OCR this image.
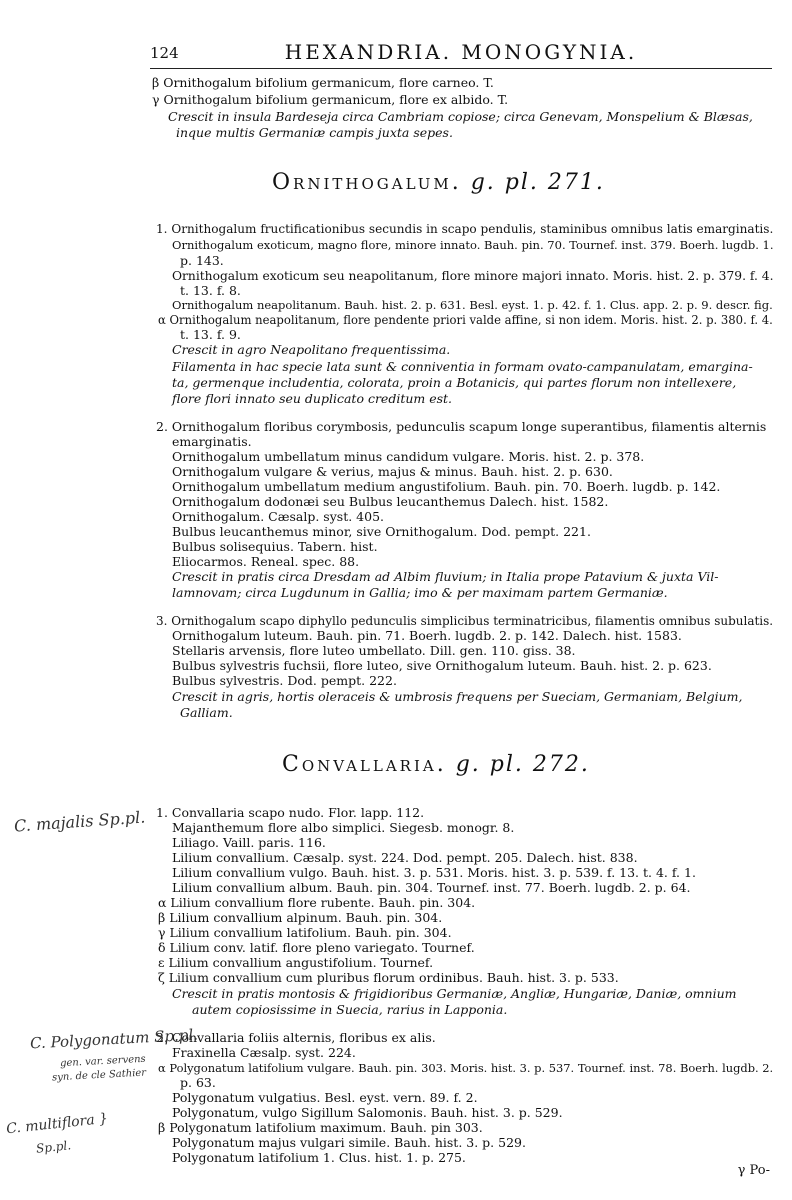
124	HEXANDRIA. MONOGYNIA.
β Ornithogalum bifolium germanicum, flore carneo. T.
γ Ornithogalum bifolium germanicum, flore ex albido. T.
Crescit in insula Bardeseja circa Cambriam copiose; circa Genevam, Monspelium & Blæsas,
inque multis Germaniæ campis juxta sepes.
Ornithogalum. g. pl. 271.
1. Ornithogalum fructificationibus secundis in scapo pendulis, staminibus omnibus latis emarginatis.
Ornithogalum exoticum, magno flore, minore innato. Bauh. pin. 70. Tournef. inst. 379. Boerh. lugdb. 1.
p. 143.
Ornithogalum exoticum seu neapolitanum, flore minore majori innato. Moris. hist. 2. p. 379. f. 4.
t. 13. f. 8.
Ornithogalum neapolitanum. Bauh. hist. 2. p. 631. Besl. eyst. 1. p. 42. f. 1. Clus. app. 2. p. 9. descr. fig.
α Ornithogalum neapolitanum, flore pendente priori valde affine, si non idem. Moris. hist. 2. p. 380. f. 4.
t. 13. f. 9.
Crescit in agro Neapolitano frequentissima.
Filamenta in hac specie lata sunt & conniventia in formam ovato-campanulatam, emargina-
ta, germenque includentia, colorata, proin a Botanicis, qui partes florum non intellexere,
flore flori innato seu duplicato creditum est.
2. Ornithogalum floribus corymbosis, pedunculis scapum longe superantibus, filamentis alternis
emarginatis.
Ornithogalum umbellatum minus candidum vulgare. Moris. hist. 2. p. 378.
Ornithogalum vulgare & verius, majus & minus. Bauh. hist. 2. p. 630.
Ornithogalum umbellatum medium angustifolium. Bauh. pin. 70. Boerh. lugdb. p. 142.
Ornithogalum dodonæi seu Bulbus leucanthemus Dalech. hist. 1582.
Ornithogalum. Cæsalp. syst. 405.
Bulbus leucanthemus minor, sive Ornithogalum. Dod. pempt. 221.
Bulbus solisequius. Tabern. hist.
Eliocarmos. Reneal. spec. 88.
Crescit in pratis circa Dresdam ad Albim fluvium; in Italia prope Patavium & juxta Vil-
lamnovam; circa Lugdunum in Gallia; imo & per maximam partem Germaniæ.
3. Ornithogalum scapo diphyllo pedunculis simplicibus terminatricibus, filamentis omnibus subulatis.
Ornithogalum luteum. Bauh. pin. 71. Boerh. lugdb. 2. p. 142. Dalech. hist. 1583.
Stellaris arvensis, flore luteo umbellato. Dill. gen. 110. giss. 38.
Bulbus sylvestris fuchsii, flore luteo, sive Ornithogalum luteum. Bauh. hist. 2. p. 623.
Bulbus sylvestris. Dod. pempt. 222.
Crescit in agris, hortis oleraceis & umbrosis frequens per Sueciam, Germaniam, Belgium,
Galliam.
Convallaria. g. pl. 272.
1. Convallaria scapo nudo. Flor. lapp. 112.
Majanthemum flore albo simplici. Siegesb. monogr. 8.
Liliago. Vaill. paris. 116.
Lilium convallium. Cæsalp. syst. 224. Dod. pempt. 205. Dalech. hist. 838.
Lilium convallium vulgo. Bauh. hist. 3. p. 531. Moris. hist. 3. p. 539. f. 13. t. 4. f. 1.
Lilium convallium album. Bauh. pin. 304. Tournef. inst. 77. Boerh. lugdb. 2. p. 64.
α Lilium convallium flore rubente. Bauh. pin. 304.
β Lilium convallium alpinum. Bauh. pin. 304.
γ Lilium convallium latifolium. Bauh. pin. 304.
δ Lilium conv. latif. flore pleno variegato. Tournef.
ε Lilium convallium angustifolium. Tournef.
ζ Lilium convallium cum pluribus florum ordinibus. Bauh. hist. 3. p. 533.
Crescit in pratis montosis & frigidioribus Germaniæ, Angliæ, Hungariæ, Daniæ, omnium
autem copiosissime in Suecia, rarius in Lapponia.
2. Convallaria foliis alternis, floribus ex alis.
Fraxinella Cæsalp. syst. 224.
α Polygonatum latifolium vulgare. Bauh. pin. 303. Moris. hist. 3. p. 537. Tournef. inst. 78. Boerh. lugdb. 2.
p. 63.
Polygonatum vulgatius. Besl. eyst. vern. 89. f. 2.
Polygonatum, vulgo Sigillum Salomonis. Bauh. hist. 3. p. 529.
β Polygonatum latifolium maximum. Bauh. pin 303.
Polygonatum majus vulgari simile. Bauh. hist. 3. p. 529.
Polygonatum latifolium 1. Clus. hist. 1. p. 275.
C. majalis Sp.pl.
C. Polygonatum Sp.pl.
gen. var. servens
syn. de cle Sathier
C. multiflora }
Sp.pl.
γ Po-
